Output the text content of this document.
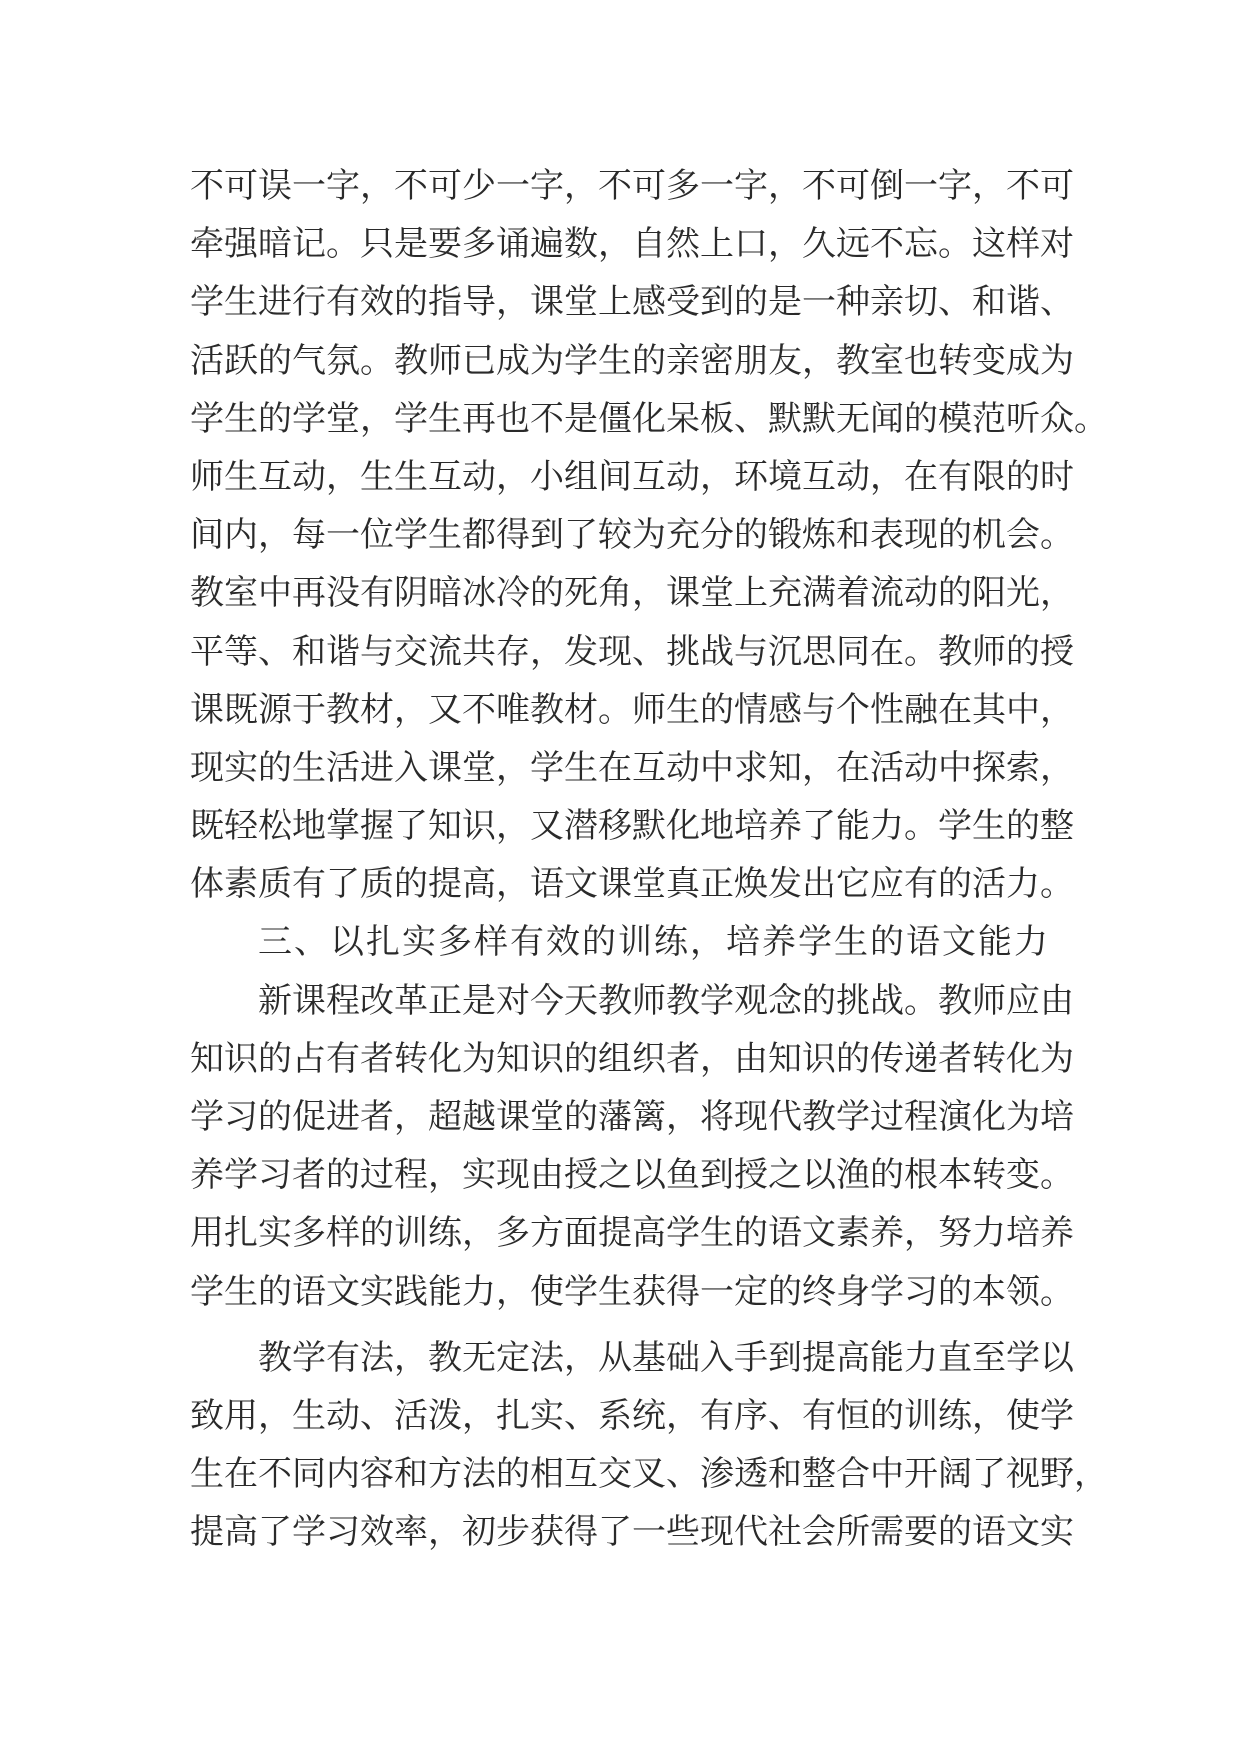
不可误一字，不可少一字，不可多一字，不可倒一字，不可
牵强暗记。只是要多诵遍数，自然上口，久远不忘。这样对
学生进行有效的指导，课堂上感受到的是一种亲切、和谐、
活跃的气氛。教师已成为学生的亲密朋友，教室也转变成为
学生的学堂，学生再也不是僵化呆板、默默无闻的模范听众。
师生互动，生生互动，小组间互动，环境互动，在有限的时
间内，每一位学生都得到了较为充分的锻炼和表现的机会。
教室中再没有阴暗冰冷的死角，课堂上充满着流动的阳光，
平等、和谐与交流共存，发现、挑战与沉思同在。教师的授
课既源于教材，又不唯教材。师生的情感与个性融在其中，
现实的生活进入课堂，学生在互动中求知，在活动中探索，
既轻松地掌握了知识，又潜移默化地培养了能力。学生的整
体素质有了质的提高，语文课堂真正焕发出它应有的活力。
三、以扎实多样有效的训练，培养学生的语文能力
新课程改革正是对今天教师教学观念的挑战。教师应由
知识的占有者转化为知识的组织者，由知识的传递者转化为
学习的促进者，超越课堂的藩篱，将现代教学过程演化为培
养学习者的过程，实现由授之以鱼到授之以渔的根本转变。
用扎实多样的训练，多方面提高学生的语文素养，努力培养
学生的语文实践能力，使学生获得一定的终身学习的本领。
教学有法，教无定法，从基础入手到提高能力直至学以
致用，生动、活泼，扎实、系统，有序、有恒的训练，使学
生在不同内容和方法的相互交叉、渗透和整合中开阔了视野，
提高了学习效率，初步获得了一些现代社会所需要的语文实
